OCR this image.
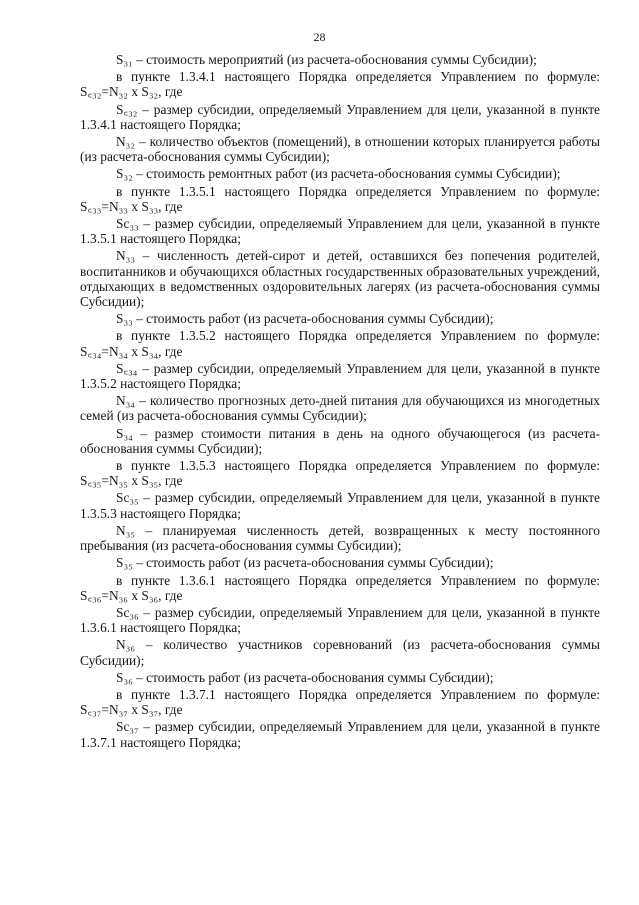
28

S₃₁ – стоимость мероприятий (из расчета-обоснования суммы Субсидии);

в пункте 1.3.4.1 настоящего Порядка определяется Управлением по формуле: S꜀₃₂=N₃₂ x S₃₂, где

S꜀₃₂ – размер субсидии, определяемый Управлением для цели, указанной в пункте 1.3.4.1 настоящего Порядка;

N₃₂ – количество объектов (помещений), в отношении которых планируется работы (из расчета-обоснования суммы Субсидии);

S₃₂ – стоимость ремонтных работ (из расчета-обоснования суммы Субсидии);

в пункте 1.3.5.1 настоящего Порядка определяется Управлением по формуле: S꜀₃₃=N₃₃ x S₃₃, где

Sc₃₃ – размер субсидии, определяемый Управлением для цели, указанной в пункте 1.3.5.1 настоящего Порядка;

N₃₃ – численность детей-сирот и детей, оставшихся без попечения родителей, воспитанников и обучающихся областных государственных образовательных учреждений, отдыхающих в ведомственных оздоровительных лагерях (из расчета-обоснования суммы Субсидии);

S₃₃ – стоимость работ (из расчета-обоснования суммы Субсидии);

в пункте 1.3.5.2 настоящего Порядка определяется Управлением по формуле: S꜀₃₄=N₃₄ x S₃₄, где

S꜀₃₄ – размер субсидии, определяемый Управлением для цели, указанной в пункте 1.3.5.2 настоящего Порядка;

N₃₄ – количество прогнозных дето-дней питания для обучающихся из многодетных семей (из расчета-обоснования суммы Субсидии);

S₃₄ – размер стоимости питания в день на одного обучающегося (из расчета-обоснования суммы Субсидии);

в пункте 1.3.5.3 настоящего Порядка определяется Управлением по формуле: S꜀₃₅=N₃₅ x S₃₅, где

Sc₃₅ – размер субсидии, определяемый Управлением для цели, указанной в пункте 1.3.5.3 настоящего Порядка;

N₃₅ – планируемая численность детей, возвращенных к месту постоянного пребывания (из расчета-обоснования суммы Субсидии);

S₃₅ – стоимость работ (из расчета-обоснования суммы Субсидии);

в пункте 1.3.6.1 настоящего Порядка определяется Управлением по формуле: S꜀₃₆=N₃₆ x S₃₆, где

Sc₃₆ – размер субсидии, определяемый Управлением для цели, указанной в пункте 1.3.6.1 настоящего Порядка;

N₃₆ – количество участников соревнований (из расчета-обоснования суммы Субсидии);

S₃₆ – стоимость работ (из расчета-обоснования суммы Субсидии);

в пункте 1.3.7.1 настоящего Порядка определяется Управлением по формуле: S꜀₃₇=N₃₇ x S₃₇, где

Sc₃₇ – размер субсидии, определяемый Управлением для цели, указанной в пункте 1.3.7.1 настоящего Порядка;
